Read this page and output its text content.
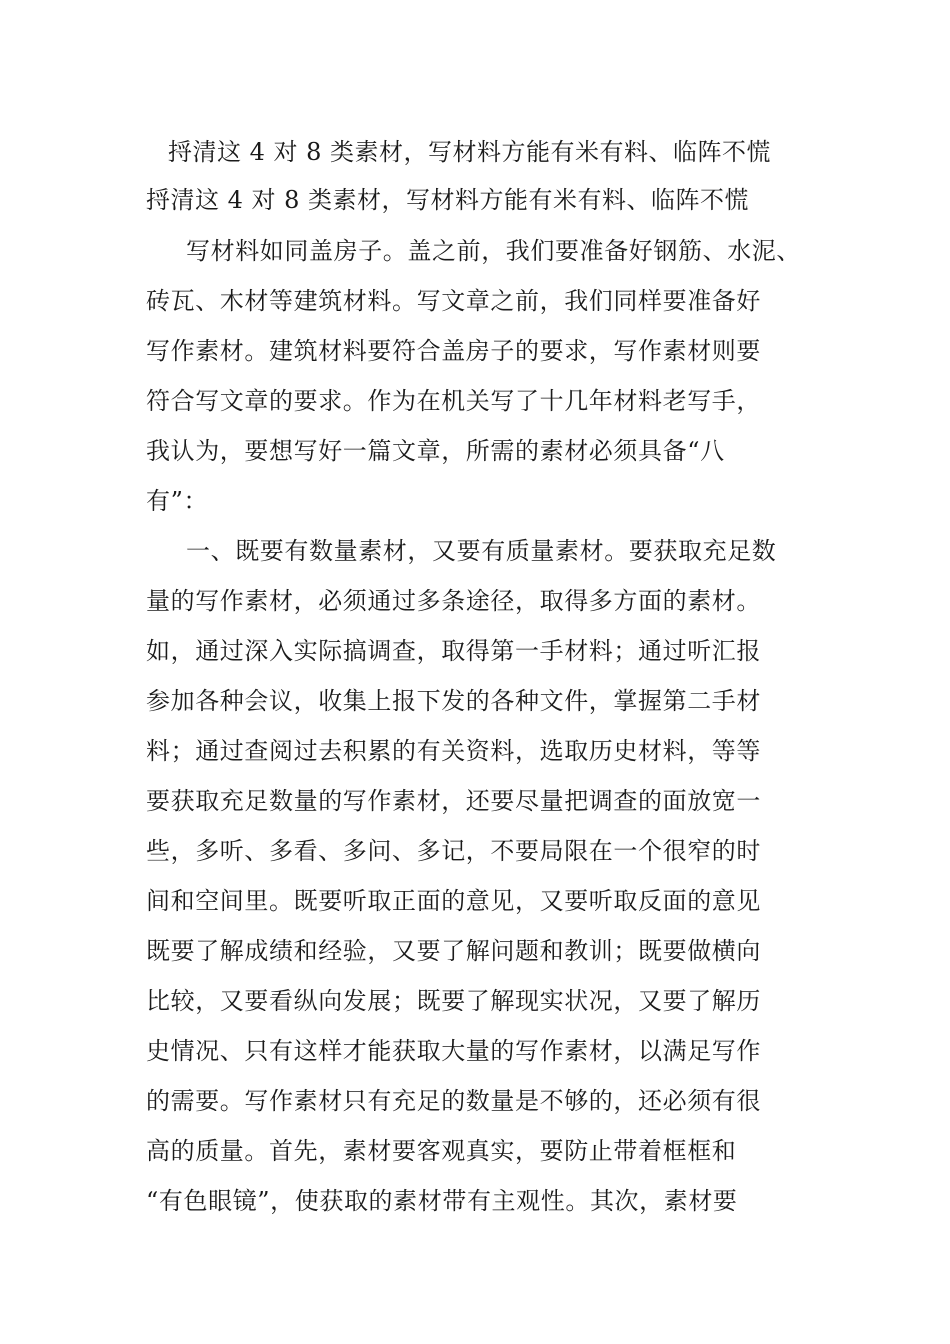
捋清这 4 对 8 类素材，写材料方能有米有料、临阵不慌
捋清这 4 对 8 类素材，写材料方能有米有料、临阵不慌
写材料如同盖房子。盖之前，我们要准备好钢筋、水泥、
砖瓦、木材等建筑材料。写文章之前，我们同样要准备好
写作素材。建筑材料要符合盖房子的要求，写作素材则要
符合写文章的要求。作为在机关写了十几年材料老写手，
我认为，要想写好一篇文章，所需的素材必须具备“八
有”：
一、既要有数量素材，又要有质量素材。要获取充足数
量的写作素材，必须通过多条途径，取得多方面的素材。
如，通过深入实际搞调查，取得第一手材料；通过听汇报
参加各种会议，收集上报下发的各种文件，掌握第二手材
料；通过查阅过去积累的有关资料，选取历史材料，等等
要获取充足数量的写作素材，还要尽量把调查的面放宽一
些，多听、多看、多问、多记，不要局限在一个很窄的时
间和空间里。既要听取正面的意见，又要听取反面的意见
既要了解成绩和经验，又要了解问题和教训；既要做横向
比较，又要看纵向发展；既要了解现实状况，又要了解历
史情况、只有这样才能获取大量的写作素材，以满足写作
的需要。写作素材只有充足的数量是不够的，还必须有很
高的质量。首先，素材要客观真实，要防止带着框框和
“有色眼镜”，使获取的素材带有主观性。其次，素材要
